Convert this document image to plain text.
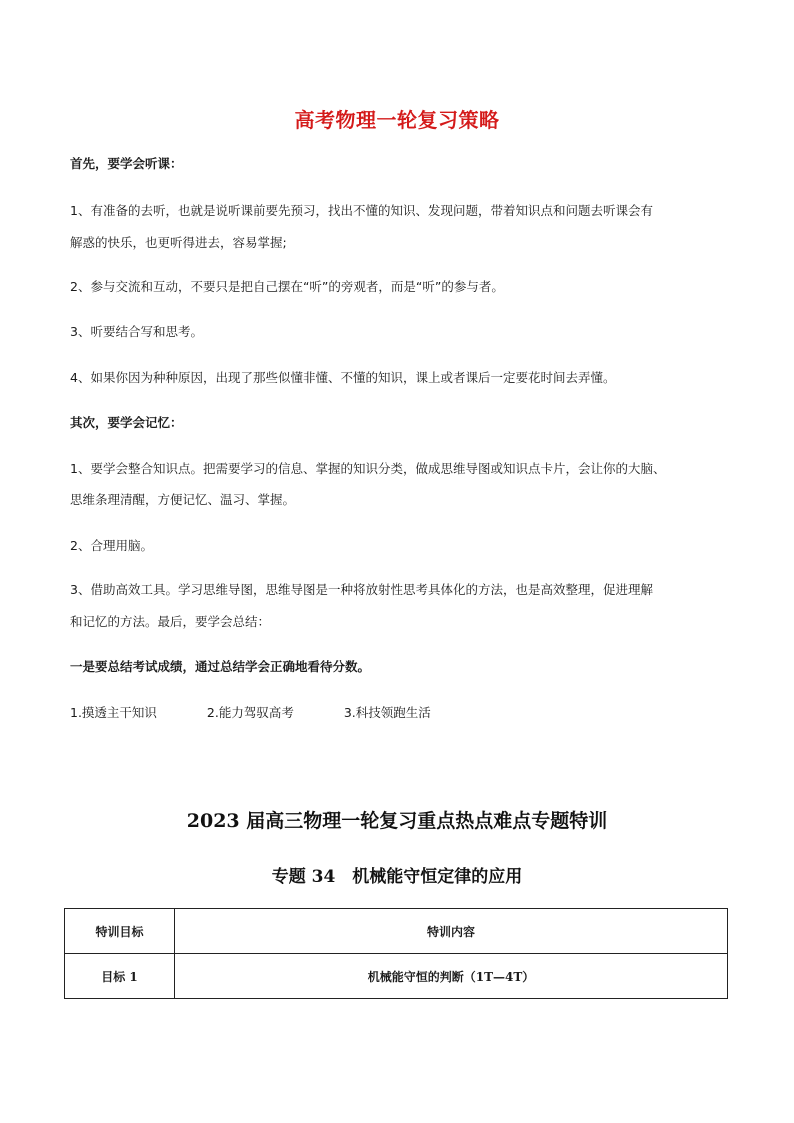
高考物理一轮复习策略

首先，要学会听课：

1、有准备的去听，也就是说听课前要先预习，找出不懂的知识、发现问题，带着知识点和问题去听课会有

解惑的快乐，也更听得进去，容易掌握;

2、参与交流和互动，不要只是把自己摆在“听”的旁观者，而是“听”的参与者。

3、听要结合写和思考。

4、如果你因为种种原因，出现了那些似懂非懂、不懂的知识，课上或者课后一定要花时间去弄懂。

其次，要学会记忆：

1、要学会整合知识点。把需要学习的信息、掌握的知识分类，做成思维导图或知识点卡片，会让你的大脑、

思维条理清醒，方便记忆、温习、掌握。

2、合理用脑。

3、借助高效工具。学习思维导图，思维导图是一种将放射性思考具体化的方法，也是高效整理，促进理解

和记忆的方法。最后，要学会总结：

一是要总结考试成绩，通过总结学会正确地看待分数。

1.摸透主干知识	2.能力驾驭高考	3.科技领跑生活
2023 届高三物理一轮复习重点热点难点专题特训
专题 34　机械能守恒定律的应用
特训目标	特训内容
目标 1	机械能守恒的判断（1T—4T）
